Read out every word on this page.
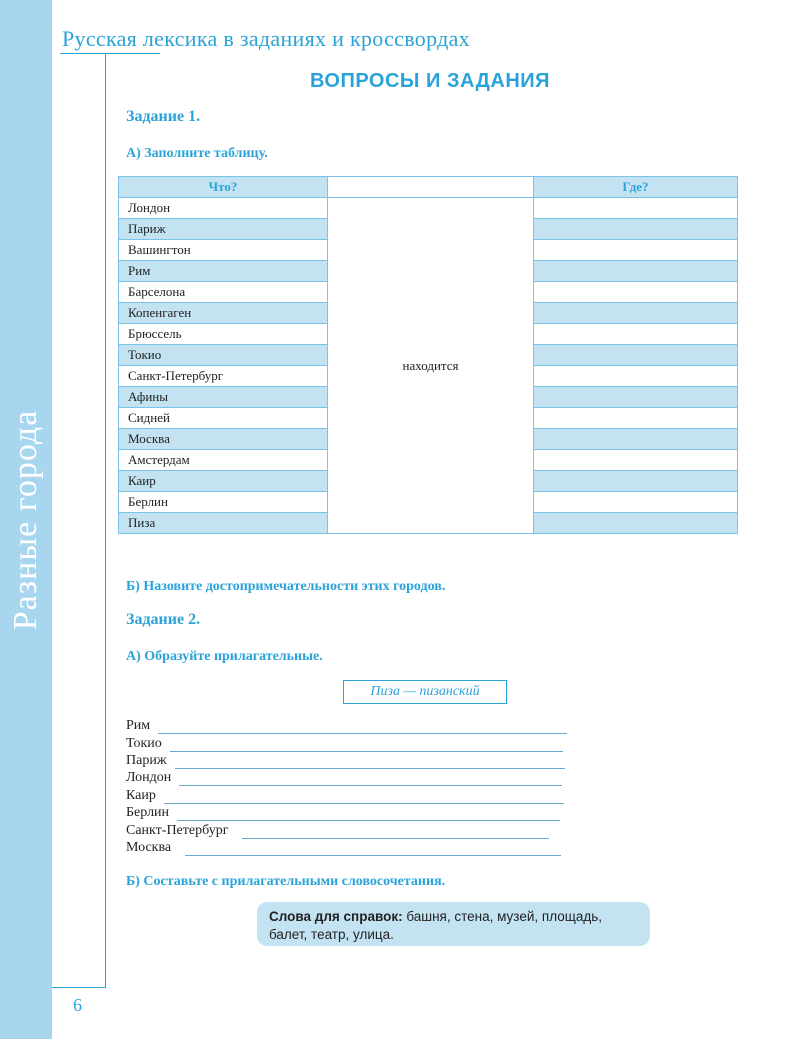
Разные города
Русская лексика в заданиях и кроссвордах
ВОПРОСЫ И ЗАДАНИЯ
Задание 1.
А) Заполните таблицу.
Что?		Где?
Лондон	находится	
Париж		
Вашингтон		
Рим		
Барселона		
Копенгаген		
Брюссель		
Токио		
Санкт-Петербург		
Афины		
Сидней		
Москва		
Амстердам		
Каир		
Берлин		
Пиза		
Б) Назовите достопримечательности этих городов.
Задание 2.
А) Образуйте прилагательные.
Пиза — пизанский
Рим
Токио
Париж
Лондон
Каир
Берлин
Санкт-Петербург
Москва
Б) Составьте с прилагательными словосочетания.
Слова для справок: башня, стена, музей, площадь, балет, театр, улица.
6
